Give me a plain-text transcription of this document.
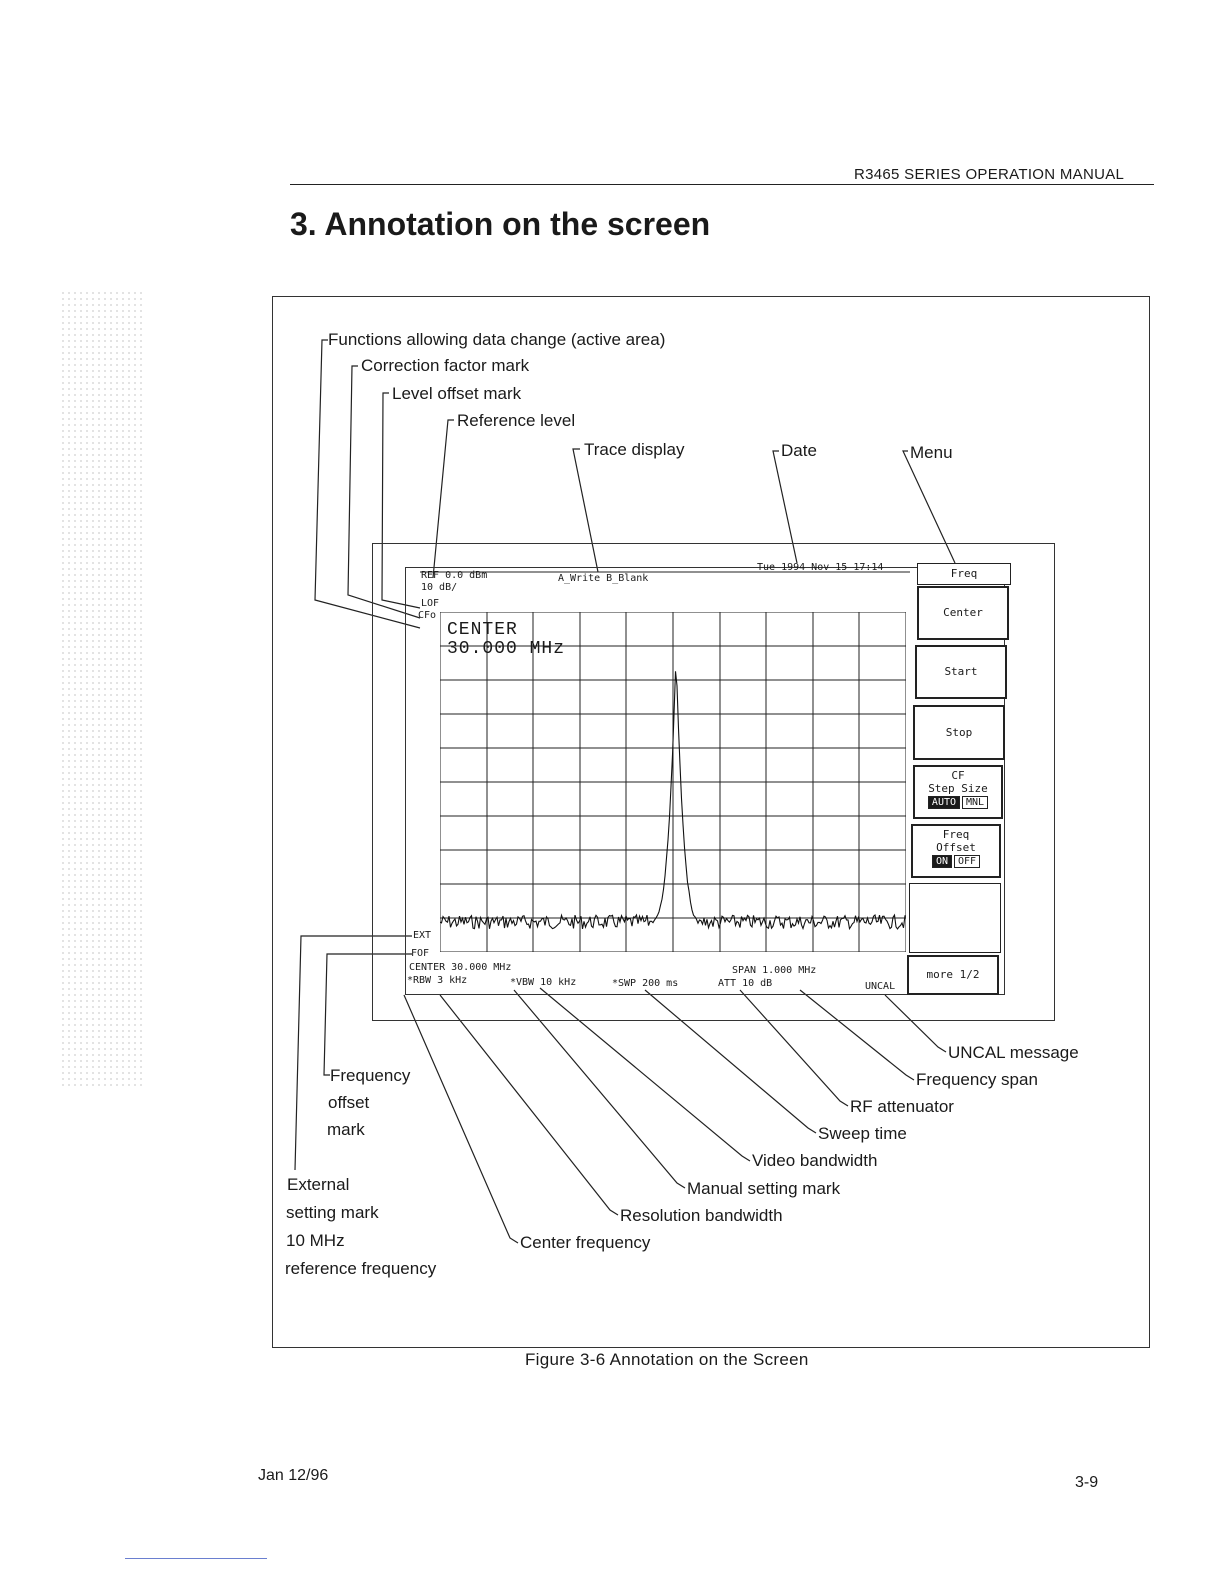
R3465 SERIES OPERATION MANUAL
3. Annotation on the screen
Functions allowing data change (active area)
Correction factor mark
Level offset mark
Reference level
Trace display	Date	Menu
REF 0.0 dBm
10 dB/
LOF
CFo
A_Write B_Blank
Tue 1994 Nov 15 17:14
CENTER
30.000 MHz
EXT
FOF
CENTER 30.000 MHz	SPAN 1.000 MHz
*RBW 3 kHz	*VBW 10 kHz	*SWP 200 ms	ATT 10 dB	UNCAL
Freq
Center
Start
Stop
CF
Step Size
AUTO MNL
Freq
Offset
ON OFF
more 1/2
UNCAL message
Frequency span
RF attenuator
Sweep time
Video bandwidth
Manual setting mark
Resolution bandwidth
Center frequency
Frequency
offset
mark
External
setting mark
10 MHz
reference frequency
Figure 3-6 Annotation on the Screen
Jan 12/96	3-9
